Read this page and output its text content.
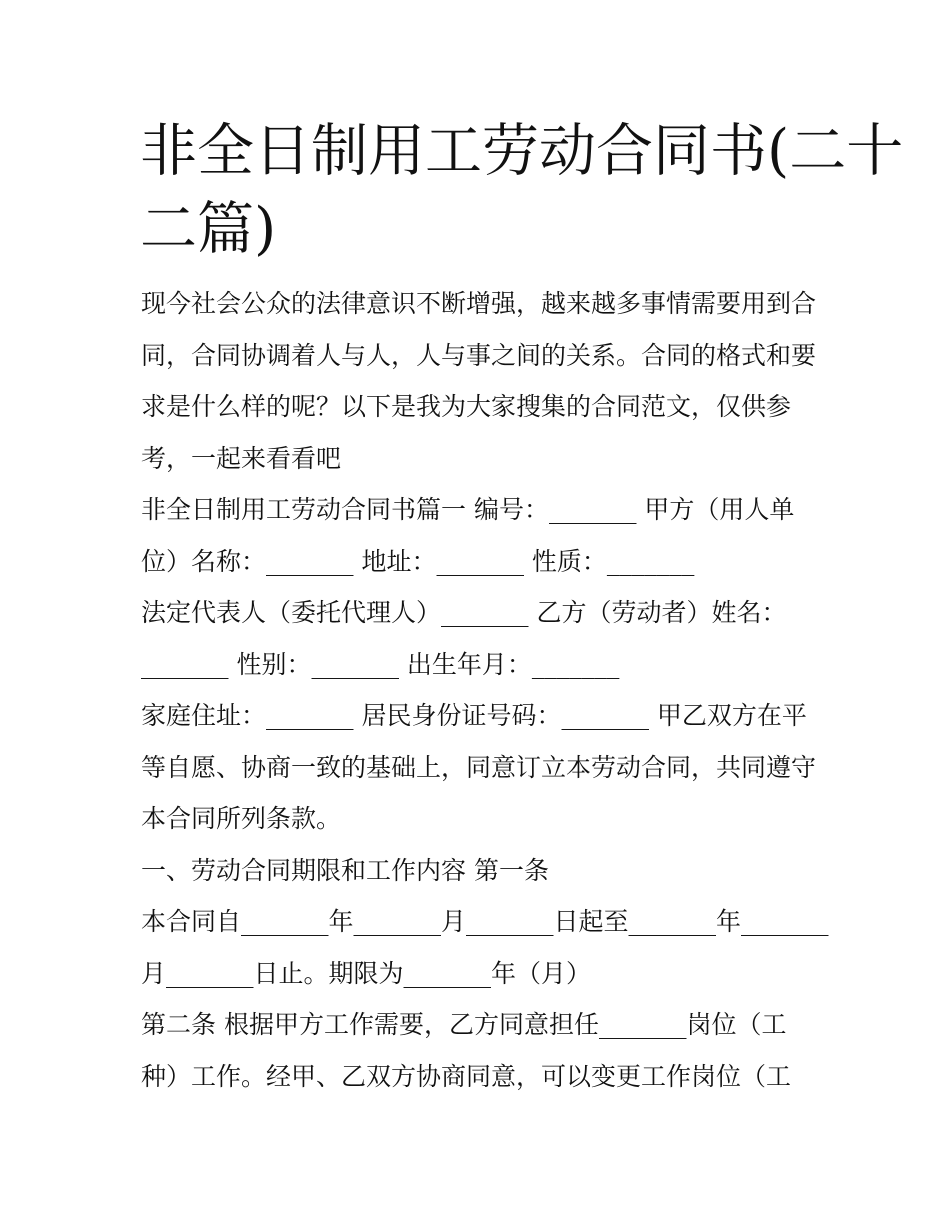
非全日制用工劳动合同书(二十
二篇)
现今社会公众的法律意识不断增强，越来越多事情需要用到合
同，合同协调着人与人，人与事之间的关系。合同的格式和要
求是什么样的呢？以下是我为大家搜集的合同范文，仅供参
考，一起来看看吧
非全日制用工劳动合同书篇一 编号：_______ 甲方（用人单
位）名称：_______ 地址：_______ 性质：_______
法定代表人（委托代理人）_______ 乙方（劳动者）姓名：
_______ 性别：_______ 出生年月：_______
家庭住址：_______ 居民身份证号码：_______ 甲乙双方在平
等自愿、协商一致的基础上，同意订立本劳动合同，共同遵守
本合同所列条款。
一、劳动合同期限和工作内容 第一条
本合同自_______年_______月_______日起至_______年_______
月_______日止。期限为_______年（月）
第二条 根据甲方工作需要，乙方同意担任_______岗位（工
种）工作。经甲、乙双方协商同意，可以变更工作岗位（工
